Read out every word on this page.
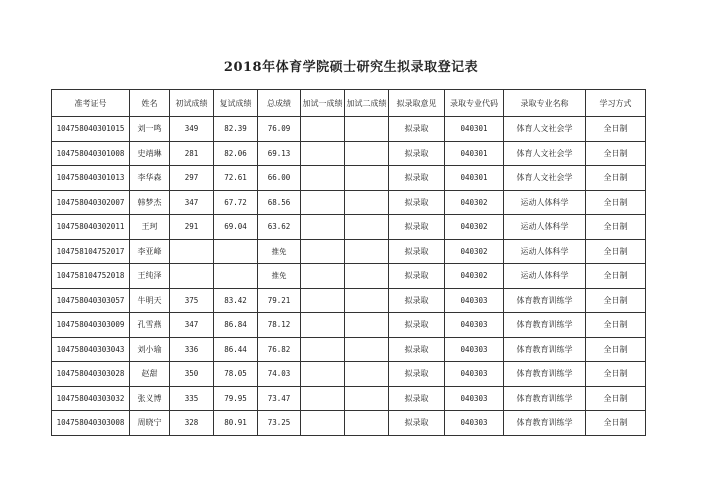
2018年体育学院硕士研究生拟录取登记表
准考证号	姓名	初试成绩	复试成绩	总成绩	加试一成绩	加试二成绩	拟录取意见	录取专业代码	录取专业名称	学习方式
104758040301015	刘一鸣	349	82.39	76.09			拟录取	040301	体育人文社会学	全日制
104758040301008	史靖琳	281	82.06	69.13			拟录取	040301	体育人文社会学	全日制
104758040301013	李华森	297	72.61	66.00			拟录取	040301	体育人文社会学	全日制
104758040302007	韩梦杰	347	67.72	68.56			拟录取	040302	运动人体科学	全日制
104758040302011	王珂	291	69.04	63.62			拟录取	040302	运动人体科学	全日制
104758104752017	李亚峰			推免			拟录取	040302	运动人体科学	全日制
104758104752018	王纯泽			推免			拟录取	040302	运动人体科学	全日制
104758040303057	牛明天	375	83.42	79.21			拟录取	040303	体育教育训练学	全日制
104758040303009	孔雪燕	347	86.84	78.12			拟录取	040303	体育教育训练学	全日制
104758040303043	刘小瑜	336	86.44	76.82			拟录取	040303	体育教育训练学	全日制
104758040303028	赵甜	350	78.05	74.03			拟录取	040303	体育教育训练学	全日制
104758040303032	张义博	335	79.95	73.47			拟录取	040303	体育教育训练学	全日制
104758040303008	周晓宁	328	80.91	73.25			拟录取	040303	体育教育训练学	全日制
